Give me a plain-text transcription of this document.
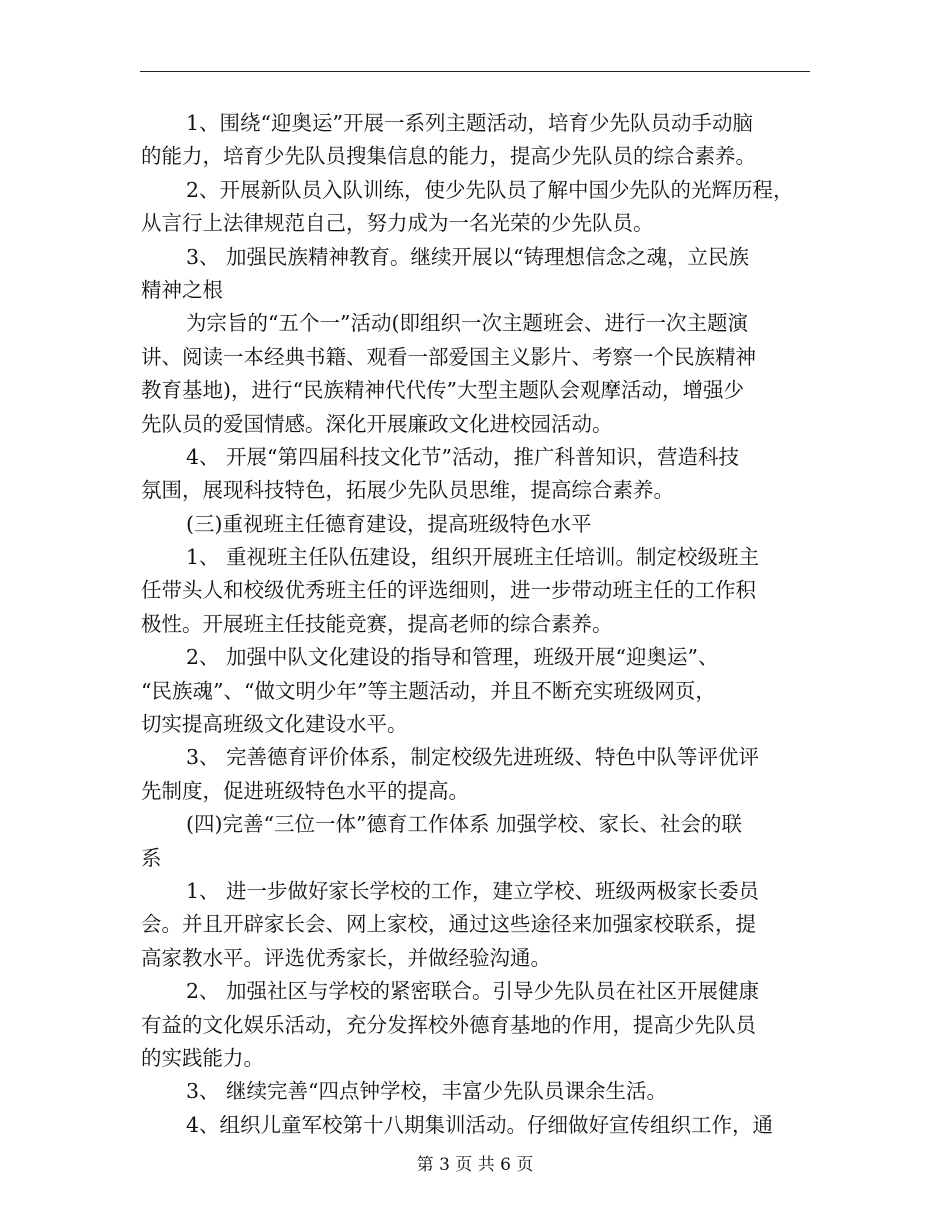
1、围绕“迎奥运”开展一系列主题活动，培育少先队员动手动脑
的能力，培育少先队员搜集信息的能力，提高少先队员的综合素养。
2、开展新队员入队训练，使少先队员了解中国少先队的光辉历程，
从言行上法律规范自己，努力成为一名光荣的少先队员。
3、 加强民族精神教育。继续开展以“铸理想信念之魂，立民族
精神之根
为宗旨的“五个一”活动(即组织一次主题班会、进行一次主题演
讲、阅读一本经典书籍、观看一部爱国主义影片、考察一个民族精神
教育基地)，进行“民族精神代代传”大型主题队会观摩活动，增强少
先队员的爱国情感。深化开展廉政文化进校园活动。
4、 开展“第四届科技文化节”活动，推广科普知识，营造科技
氛围，展现科技特色，拓展少先队员思维，提高综合素养。
(三)重视班主任德育建设，提高班级特色水平
1、 重视班主任队伍建设，组织开展班主任培训。制定校级班主
任带头人和校级优秀班主任的评选细则，进一步带动班主任的工作积
极性。开展班主任技能竞赛，提高老师的综合素养。
2、 加强中队文化建设的指导和管理，班级开展“迎奥运”、
“民族魂”、“做文明少年”等主题活动，并且不断充实班级网页，
切实提高班级文化建设水平。
3、 完善德育评价体系，制定校级先进班级、特色中队等评优评
先制度，促进班级特色水平的提高。
(四)完善“三位一体”德育工作体系 加强学校、家长、社会的联
系
1、 进一步做好家长学校的工作，建立学校、班级两极家长委员
会。并且开辟家长会、网上家校，通过这些途径来加强家校联系，提
高家教水平。评选优秀家长，并做经验沟通。
2、 加强社区与学校的紧密联合。引导少先队员在社区开展健康
有益的文化娱乐活动，充分发挥校外德育基地的作用，提高少先队员
的实践能力。
3、 继续完善“四点钟学校，丰富少先队员课余生活。
4、组织儿童军校第十八期集训活动。仔细做好宣传组织工作，通
第 3 页 共 6 页
